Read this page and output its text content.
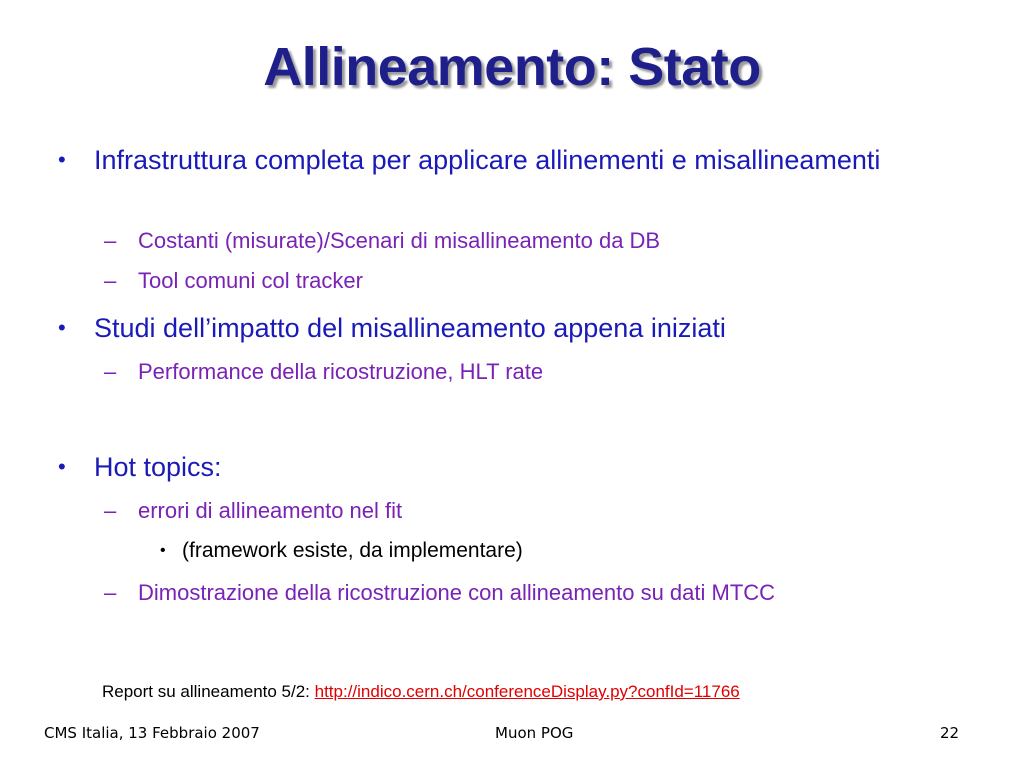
Allineamento: Stato
• Infrastruttura completa per applicare allinementi e misallineamenti
– Costanti (misurate)/Scenari di misallineamento da DB
– Tool comuni col tracker
• Studi dell’impatto del misallineamento appena iniziati
– Performance della ricostruzione, HLT rate
• Hot topics:
– errori di allineamento nel fit
• (framework esiste, da implementare)
– Dimostrazione della ricostruzione con allineamento su dati MTCC
Report su allineamento 5/2: http://indico.cern.ch/conferenceDisplay.py?confId=11766
CMS Italia, 13 Febbraio 2007	Muon POG	22
